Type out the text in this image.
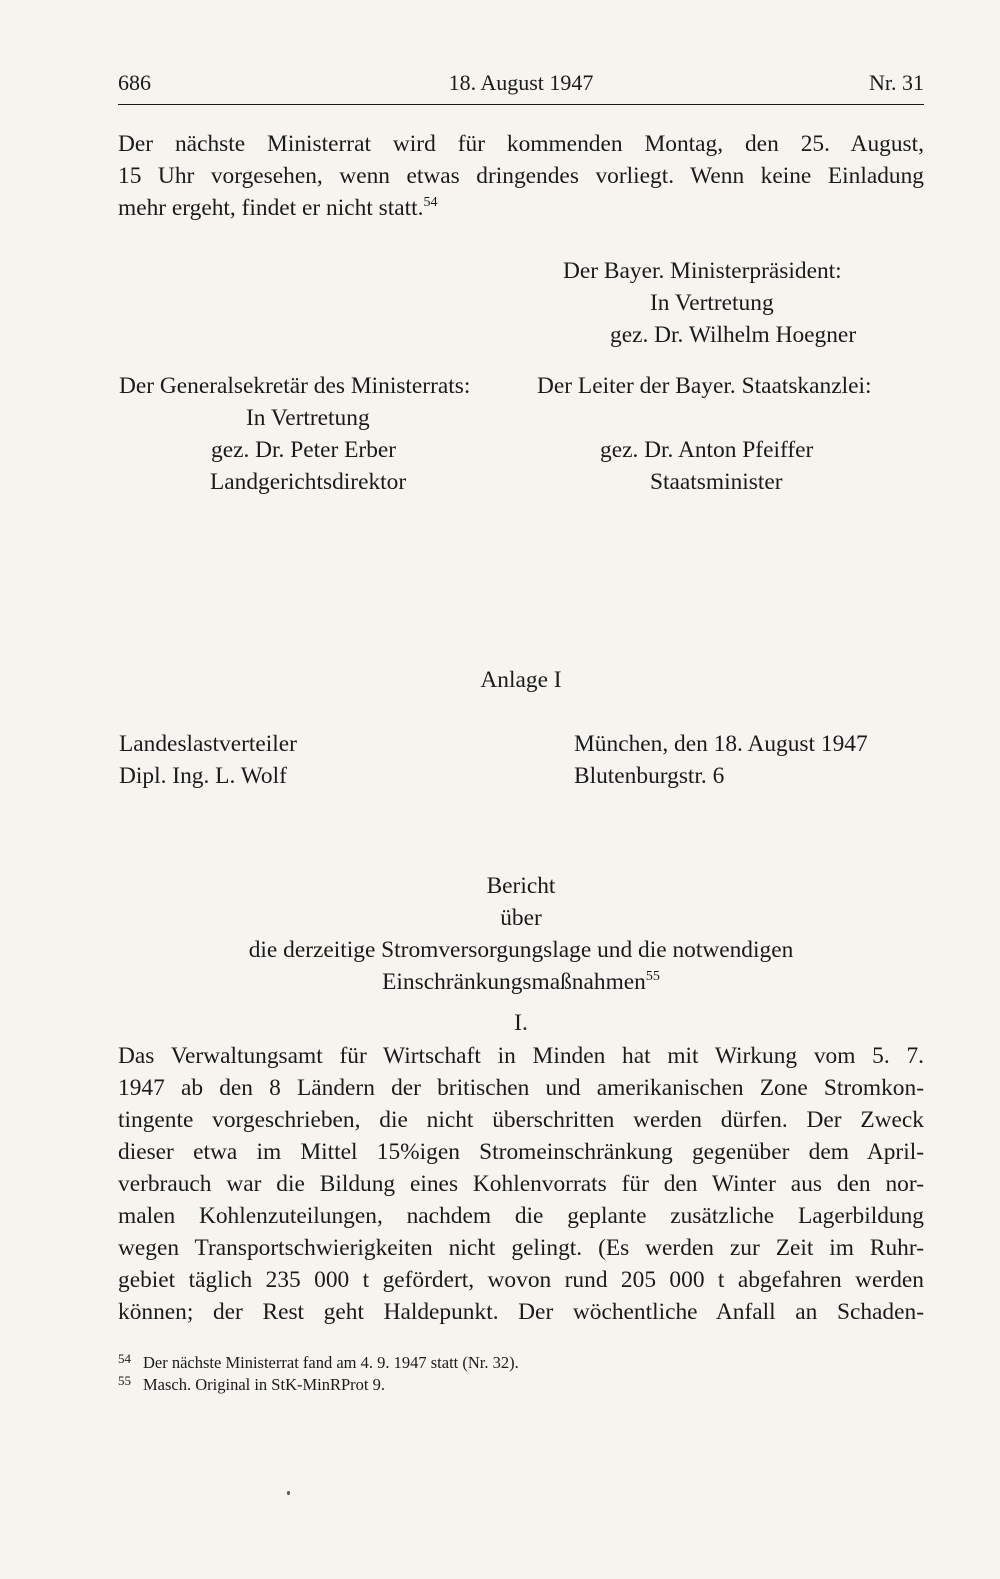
686	18. August 1947	Nr. 31
Der nächste Ministerrat wird für kommenden Montag, den 25. August,
15 Uhr vorgesehen, wenn etwas dringendes vorliegt. Wenn keine Einladung
mehr ergeht, findet er nicht statt.$^{54}$
Der Bayer. Ministerpräsident:
In Vertretung
gez. Dr. Wilhelm Hoegner
Der Generalsekretär des Ministerrats:
In Vertretung
gez. Dr. Peter Erber
Landgerichtsdirektor
Der Leiter der Bayer. Staatskanzlei:
gez. Dr. Anton Pfeiffer
Staatsminister
Anlage I
Landeslastverteiler
Dipl. Ing. L. Wolf
München, den 18. August 1947
Blutenburgstr. 6
Bericht
über
die derzeitige Stromversorgungslage und die notwendigen
Einschränkungsmaßnahmen$^{55}$
I.
Das Verwaltungsamt für Wirtschaft in Minden hat mit Wirkung vom 5. 7.
1947 ab den 8 Ländern der britischen und amerikanischen Zone Stromkon-
tingente vorgeschrieben, die nicht überschritten werden dürfen. Der Zweck
dieser etwa im Mittel 15%igen Stromeinschränkung gegenüber dem April-
verbrauch war die Bildung eines Kohlenvorrats für den Winter aus den nor-
malen Kohlenzuteilungen, nachdem die geplante zusätzliche Lagerbildung
wegen Transportschwierigkeiten nicht gelingt. (Es werden zur Zeit im Ruhr-
gebiet täglich 235 000 t gefördert, wovon rund 205 000 t abgefahren werden
können; der Rest geht Haldepunkt. Der wöchentliche Anfall an Schaden-
$^{54}$ Der nächste Ministerrat fand am 4. 9. 1947 statt (Nr. 32).
$^{55}$ Masch. Original in StK-MinRProt 9.
